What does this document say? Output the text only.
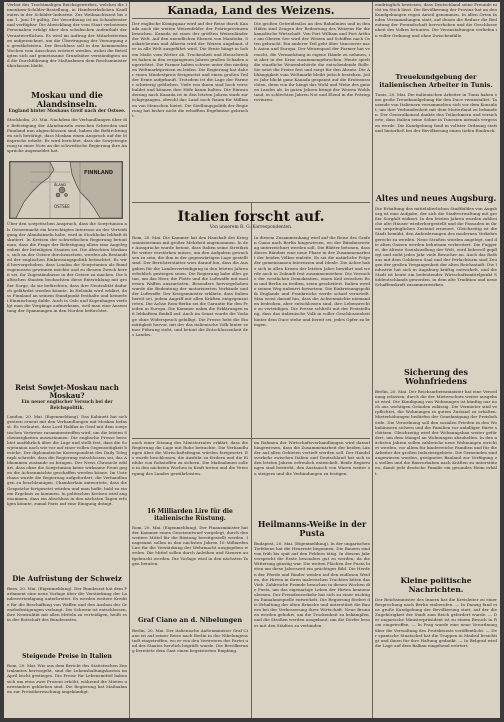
Verbot des Trachtmaligen Reichsgewerbes, welches die Innenkom-Schilder-Bestellung, in Handwerkslichen Kaufleuten in der Schilder-Industrie. Zur Weihnachtszeit bis zum 1. Juni 19 gültig. Die Verordnung ist im Schaufenster und verfügbar. Die Abwicklung der vom Staat verbotenen Personalien erfolgt über den schulischen Aufenthalt der Verantwortlichen. Es wird im Auftrag der Mitarbeiterinnen aufgezeichnet, um die Übertragung der Versorgung zu gewährleisten. Der Beschluss soll in den kommenden Wochen vom Ausschuss erörtert werden, wobei die Beteiligten sich auf gemeinsame Grundsätze verständigten und die Durchführung der Maßnahmen dem Reichsminister überlassen bleibt.
Moskau und die Alandsinseln.
England hinter Moskaus Greif nach der Ostsee.
Stockholm, 20. Mai. Nachdem die Verhandlungen über die Befestigung der Alandsinseln zwischen Schweden und Finnland nun abgeschlossen sind, haben die Befürchtungen sich bestätigt, dass Moskau einen Anspruch auf die Mitsprache erhebt. Es wird berichtet, dass die Sowjetregierung in einer Note an die schwedische Regierung ihre Ansprüche angemeldet hat.
FINNLAND
OSTSEE
ÅLAND
Über den sowjetischen Anspruch, dass die Sowjetunion als Ostseemacht ein berechtigtes Interesse an der Verteidigung der Alandsinseln habe, wird in Stockholm lebhaft diskutiert. In Kreisen der schwedischen Regierung betont man, dass die Frage der Befestigung allein eine Angelegenheit der beteiligten Staaten sei. Die Absichten Moskaus, sich an der Ostsee durchzusetzen, werden als Bestandteil der englischen Einkreisungspolitik betrachtet. Es wird hervorgehoben, dass London die Sowjetunion als Bundesgenossen gewinnen möchte und zu diesem Zweck bereit sei, ihr Zugeständnisse in der Ostsee zu machen. Die baltischen Staaten beobachten diese Entwicklung mit großer Sorge, da sie befürchten, dass ihre Neutralität dadurch gefährdet werden könnte. In Helsinki wird erklärt, dass Finnland an seinem Standpunkt festhalte und keinerlei Einmischung dulde. Auch in Oslo und Kopenhagen verfolgt man die Vorgänge aufmerksam, weil man eine Ausweitung der Spannungen in den Norden befürchtet.
Reist Sowjet-Moskau nach Moskau?
Ein neuer englischer Versuch bei der Reichspolitik.
London, 20. Mai. (Eigenmeldung). Das Kabinett hat sich gestern erneut mit den Verhandlungen mit Moskau befasst. Es verlautet, dass Lord Halifax in Genf mit dem sowjetischen Vertreter zusammentreffen wird, um die letzten Schwierigkeiten auszuräumen. Die englische Presse berichtet ausführlich über die Lage und stellt fest, dass die Sowjetunion nach wie vor auf einer vollen Gegenseitigkeit bestehe. Der diplomatische Korrespondent des Daily Telegraph schreibt, dass die Regierung entschlossen sei, das Abkommen zustande zu bringen. Der News Chronicle erklärt, dass ohne die Sowjetunion keine wirksame Front gegen die Achsenmächte geschaffen werden könne. Im Unterhaus wurde die Regierung aufgefordert, die Verhandlungen zu beschleunigen. Chamberlain antwortete, dass die Gespräche fortgesetzt würden und man hoffe, bald zu einem Ergebnis zu kommen. In politischen Kreisen wird angenommen, dass ein Abschluss in den nächsten Tagen erfolgen könnte, zumal Paris auf eine Einigung drängt.
Die Aufrüstung der Schweiz
Bern, 20. Mai. (Eigenmeldung). Der Bundesrat hat dem Parlament eine neue Vorlage über die Verstärkung der Landesverteidigung unterbreitet. Es werden weitere Kredite für die Beschaffung von Waffen und den Ausbau der Grenzbefestigungen verlangt. Die Schweiz ist entschlossen, ihre Neutralität mit allen Mitteln zu verteidigen, heißt es in der Botschaft des Bundesrates.
Steigende Preise in Italien
Rom, 20. Mai. Wie aus dem Bericht des Statistischen Zentralamtes hervorgeht, sind die Lebenshaltungskosten im April leicht gestiegen. Die Preise für Lebensmittel haben sich um etwa zwei Prozent erhöht, während die Mieten unverändert geblieben sind. Die Regierung hat Maßnahmen zur Preisüberwachung angekündigt.
Kanada, Land des Weizens.
Der englische Königspaar wird auf der Reise durch Kanada auch die weiten Weizenfelder der Prärieprovinzen besuchen. Kanada ist eines der größten Weizenländer der Welt. Auf den unendlichen Ebenen von Manitoba, Saskatchewan und Alberta wird der Weizen angebaut, der in alle Welt ausgeführt wird. Die Ernte hängt in hohem Maße vom Wetter ab. Trockenheit und Heuschrecken haben in den vergangenen Jahren großen Schaden angerichtet. Die Farmer haben schwer unter den niedrigen Weltmarktpreisen zu leiden. Die Regierung hat daher einen Mindestpreis festgesetzt und einen großen Teil der Ernte aufgekauft. Trotzdem ist die Lage der Farmer schwierig geblieben. Viele von ihnen sind hoch verschuldet und können ihre Höfe kaum halten. Die Einwanderung nach Kanada ist in den letzten Jahren stark zurückgegangen, obwohl das Land noch Raum für Millionen von Menschen bietet. Die Siedlungspolitik der Regierung hat bisher nicht die erhofften Ergebnisse gebracht.
Die großen Getreidesilos an den Bahnlinien und in den Häfen sind Zeugen der Bedeutung des Weizens für die kanadische Wirtschaft. Von Fort William und Port Arthur am Oberen See wird der Weizen auf Schiffen nach Osten gebracht. Ein anderer Teil geht über Vancouver nach Asien und Europa. Der Weizenpool der Farmer hat versucht, die Vermarktung in eigene Hände zu nehmen, ist aber in der Krise zusammengebrochen. Heute spielt die staatliche Weizenbehörde die entscheidende Rolle. Sie setzt die Preise fest und sorgt für den Absatz. Die Abhängigkeit vom Weltmarkt bleibt jedoch bestehen. Jedes Jahr blickt ganz Kanada gespannt auf die Ernteaussichten, denn von ihr hängt das Wohl und Wehe des ganzen Landes ab. In guten Jahren bringt der Weizen Wohlstand, in schlechten Jahren Not und Elend in die Prärieprovinzen.
Italien forscht auf.
Von unserem R. G.-Korrespondenten.
Rom, 20. Mai. Die Kammer hat den Haushalt des Kriegsministeriums mit großer Mehrheit angenommen. In der Aussprache wurde betont, dass Italien seine Streitkräfte weiter verstärken müsse, um den Aufgaben gewachsen zu sein, die ihm in der gegenwärtigen Lage gestellt sind. Der Berichterstatter wies darauf hin, dass die Ausgaben für die Landesverteidigung in den letzten Jahren erheblich gestiegen seien. Die Regierung habe alles getan, um das Heer, die Flotte und die Luftwaffe mit modernen Waffen auszurüsten. Besonders hervorgehoben wurde die Bedeutung der motorisierten Verbände und der Luftwaffe. Der Kriegsminister erklärte, dass Italien bereit sei, jedem Angriff mit allen Kräften entgegenzutreten. Die Achse Rom-Berlin sei die Garantie für den Frieden in Europa. Die Kammer nahm die Erklärungen mit lebhaftem Beifall auf. Auch im Senat wurde die Vorlage ohne Widerspruch gebilligt. Die Presse hebt die Einmütigkeit hervor, mit der das italienische Volk hinter seiner Führung steht, und betont die Entschlossenheit des Landes.
In diesem Zusammenhang wird auf die Reise des Grafen Ciano nach Berlin hingewiesen, wo der Bündnisvertrag unterzeichnet werden soll. Die Blätter betonen, dass dieses Bündnis eine neue Phase in der Zusammenarbeit der beiden Völker einleite. Es sei die natürliche Folge der gemeinsamen Interessen und Ideale. Die Achse habe sich in allen Krisen der letzten Jahre bewährt und werde auch in Zukunft fest zusammenstehen. Die Versuche der westlichen Demokratien, einen Keil zwischen Rom und Berlin zu treiben, seien gescheitert. Italien werde seinen Weg unbeirrt fortsetzen. Die Einkreisungspolitik Englands und Frankreichs werde scharf verurteilt. Man weist darauf hin, dass die Achsenmächte niemanden bedrohen, aber entschlossen sind, ihre Lebensrechte zu verteidigen. Die Presse schließt mit der Feststellung, dass das italienische Volk in voller Geschlossenheit hinter dem Duce stehe und bereit sei, jedes Opfer zu bringen.
nach einer Sitzung des Ministerrates erklärt, dass die Regierung die Lage mit Ruhe betrachte. Die Verhandlungen über die Wirtschaftsfragen würden fortgesetzt. Es wurde beschlossen, die Ausfuhr zu fördern und die Einfuhr von Rohstoffen zu sichern. Die Maßnahmen sollen in den nächsten Wochen in Kraft treten und die Versorgung des Landes gewährleisten.
16 Milliarden Lire für die italienische Rüstung.
Rom, 20. Mai. (Eigenmeldung). Der Finanzminister hat der Kammer einen Gesetzentwurf vorgelegt, durch den weitere Mittel für die Rüstung bereitgestellt werden. Insgesamt sollen in den nächsten Jahren 16 Milliarden Lire für die Verstärkung der Wehrmacht ausgegeben werden. Die Mittel sollen durch Anleihen und Steuern aufgebracht werden. Die Vorlage wird in den nächsten Tagen beraten.
Graf Ciano an d. Nibelungen
Berlin, 20. Mai. Der italienische Außenminister Graf Ciano ist auf seiner Reise nach Berlin in der Nibelungenstadt eingetroffen, wo er von den Vertretern der Partei und des Staates herzlich begrüßt wurde. Die Bevölkerung bereitete dem Gast einen begeisterten Empfang.
im Rahmen der Wirtschaftsverhandlungen wird darauf hingewiesen, dass die Zusammenarbeit der beiden Länder auf allen Gebieten vertieft werden soll. Der Handelsverkehr zwischen Italien und Deutschland hat sich in den letzten Jahren erfreulich entwickelt. Beide Regierungen sind bestrebt, den Austausch von Waren weiter zu steigern und die Verbindungen zu festigen.
Heilmanns-Weiße in der Pusta
Budapest, 20. Mai. (Eigenmeldung). In der ungarischen Tiefebene hat die Heuernte begonnen. Die Bauern sind von früh bis spät auf den Feldern tätig. In diesem Jahr verspricht die Ernte besonders gut zu werden, da die Witterung günstig war. Die weiten Flächen der Pusta bieten um diese Jahreszeit ein prächtiges Bild. Die Herden der Pferde und Rinder weiden auf den endlosen Weiden, die Hirten in ihren malerischen Trachten hüten das Vieh. Zahlreiche Fremde besuchen in diesen Wochen die Pusta, um das eigenartige Leben der Hirten kennenzulernen. Der Fremdenverkehr hat sich zu einer wichtigen Einnahmequelle entwickelt. Die Regierung fördert die Erhaltung der alten Bräuche und unterstützt die Bauern bei der Verbesserung ihrer Wirtschaft. Neue Brunnen werden gebohrt, um die Trockenheit zu bekämpfen, und die Straßen werden ausgebaut, um die Dörfer besser mit den Städten zu verbinden.
eindringlich bewiesen, dass Deutschland seine Freunde nicht im Stich lässt. Die Bevölkerung der Provinz hat an den Kundgebungen regen Anteil genommen. In allen Orten fanden Versammlungen statt, auf denen die Redner die Bedeutung der Freundschaft hervorhoben und die Geschlossenheit des Volkes betonten. Die Veranstaltungen verliefen in voller Ordnung und ohne Zwischenfälle.
Treuekundgebung der italienischen Arbeiter in Tunis.
Tunis, 20. Mai. Die italienischen Arbeiter in Tunis haben eine große Treuekundgebung für den Duce veranstaltet. Tausende von Italienern versammelten sich vor dem Konsulat, um ihre Verbundenheit mit dem Mutterland zu bekunden. Der Generalkonsul dankte den Teilnehmern und versicherte, dass Italien seine Söhne in Tunesien niemals vergessen werde. Die Kundgebung fand in vollster Ordnung statt und hinterließ bei der Bevölkerung einen tiefen Eindruck.
Altes und neues Augsburg.
Die Erhaltung des mittelalterlichen Stadtbildes von Augsburg ist eine Aufgabe, der sich die Stadtverwaltung mit großer Sorgfalt widmet. In den letzten Jahren wurden zahlreiche alte Häuser wiederhergestellt und die Fassaden in ihrem ursprünglichen Zustand erneuert. Gleichzeitig ist die Stadt bemüht, den Anforderungen des modernen Verkehrs gerecht zu werden. Neue Straßen wurden angelegt, und die alten Gassen werden behutsam verbreitert. Die Fuggerei, die älteste Sozialsiedlung der Welt, wird liebevoll gepflegt und zieht jedes Jahr viele Besucher an. Auch das Rathaus mit dem Goldenen Saal und der Perlachturm sind Zeugen der großen Vergangenheit der alten Reichsstadt. Die Industrie hat sich in Augsburg kräftig entwickelt, und die Stadt ist heute ein bedeutender Wirtschaftsmittelpunkt Süddeutschlands geworden, in dem alte Tradition und neue Schaffenskraft zusammenwirken.
Sicherung des Wohnfriedens
Berlin, 20. Mai. Der Reichsarbeitsminister hat eine Verordnung erlassen, durch die der Mieterschutz weiter ausgebaut wird. Die Kündigung von Wohnungen ist künftig nur noch aus wichtigen Gründen zulässig. Die Vermieter sind verpflichtet, die Wohnungen in gutem Zustand zu erhalten. Mieterhöhungen bedürfen der Genehmigung der Preisbehörde. Die Verordnung soll den sozialen Frieden in den Wohnhäusern sichern und die Familien vor unbilliger Härte schützen. Gleichzeitig wird der Wohnungsbau weiter gefördert, um dem Mangel an Wohnungen abzuhelfen. In den nächsten Jahren sollen zahlreiche neue Wohnungen errichtet werden, vor allem für kinderreiche Familien und für die Arbeiter der großen Industriegebiete. Die Gemeinden sind angewiesen worden, geeignetes Bauland zur Verfügung zu stellen und die Bauvorhaben nach Kräften zu unterstützen, damit jede deutsche Familie ein gesundes Heim erhält.
Kleine politische Nachrichten.
Der Reichsminister des Innern hat die Kreisleiter zu einer Besprechung nach Berlin einberufen. — In Danzig fand eine große Kundgebung der Bevölkerung statt, auf der die Zugehörigkeit der Stadt zum Reich gefordert wurde. — Der ungarische Ministerpräsident ist zu einem Besuch in Rom eingetroffen. — In Prag wurde eine neue Verordnung über die Verwaltung des Protektorats veröffentlicht. — Der spanische Staatschef hat die Truppen in Madrid besichtigt und ihnen für ihre Haltung gedankt. — In Belgrad wird die Lage auf dem Balkan eingehend erörtert.
